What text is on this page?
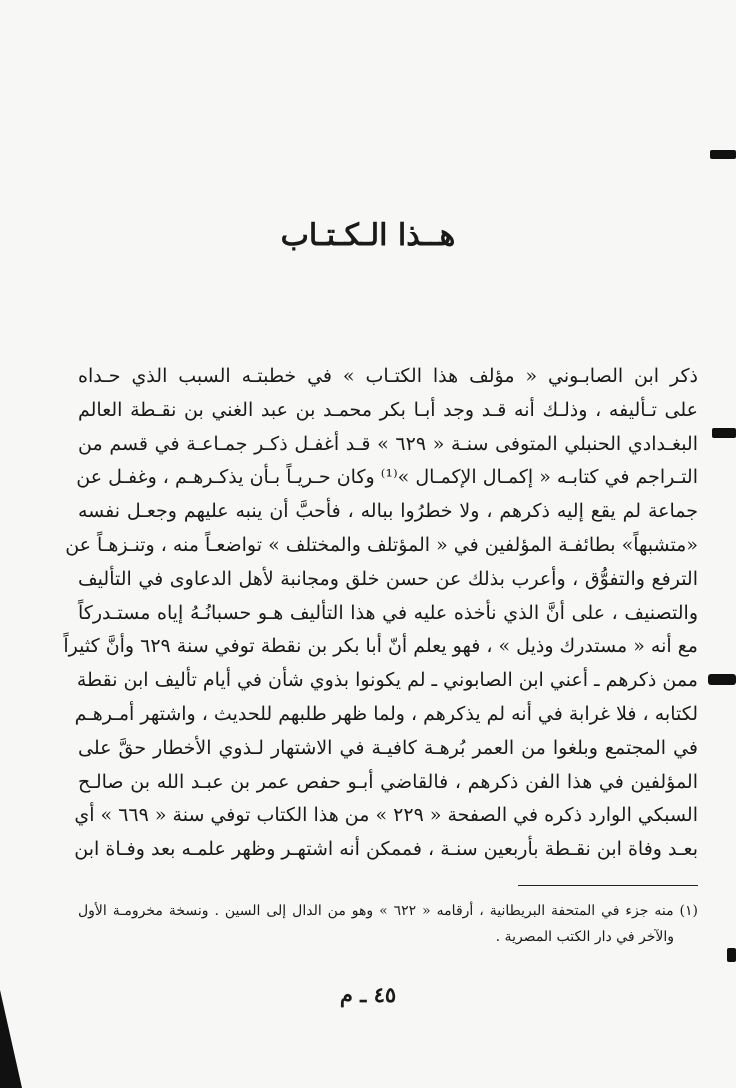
هــذا الـكـتـاب
ذكر ابن الصابـوني « مؤلف هذا الكتـاب » في خطبتـه السبب الذي حـداه
على تـأليفه ، وذلـك أنه قـد وجد أبـا بكر محمـد بن عبد الغني بن نقـطة العالم
البغـدادي الحنبلي المتوفى سنـة « ٦٢٩ » قـد أغفـل ذكـر جمـاعـة في قسم من
التـراجم في كتابـه « إكمـال الإكمـال »⁽¹⁾ وكان حـريـاً بـأن يذكـرهـم ، وغفـل عن
جماعة لم يقع إليه ذكرهم ، ولا خطرُوا بباله ، فأحبَّ أن ينبه عليهم وجعـل نفسه
«متشبهاً» بطائفـة المؤلفين في « المؤتلف والمختلف » تواضعـاً منه ، وتنـزهـاً عن
الترفع والتفوُّق ، وأعرب بذلك عن حسن خلق ومجانبة لأهل الدعاوى في التأليف
والتصنيف ، على أنَّ الذي نأخذه عليه في هذا التأليف هـو حسبانُـهُ إياه مستـدركاً
مع أنه « مستدرك وذيل » ، فهو يعلم أنّ أبا بكر بن نقطة توفي سنة ٦٢٩ وأنَّ كثيراً
ممن ذكرهم ـ أعني ابن الصابوني ـ لم يكونوا بذوي شأن في أيام تأليف ابن نقطة
لكتابه ، فلا غرابة في أنه لم يذكرهم ، ولما ظهر طلبهم للحديث ، واشتهر أمـرهـم
في المجتمع وبلغوا من العمر بُرهـة كافيـة في الاشتهار لـذوي الأخطار حقَّ على
المؤلفين في هذا الفن ذكرهم ، فالقاضي أبـو حفص عمر بن عبـد الله بن صالـح
السبكي الوارد ذكره في الصفحة « ٢٢٩ » من هذا الكتاب توفي سنة « ٦٦٩ » أي
بعـد وفاة ابن نقـطة بأربعين سنـة ، فممكن أنه اشتهـر وظهر علمـه بعد وفـاة ابن
(١) منه جزء في المتحفة البريطانية ، أرقامه « ٦٢٢ » وهو من الدال إلى السين . ونسخة مخرومـة الأول
والآخر في دار الكتب المصرية .
٤٥ ـ م
